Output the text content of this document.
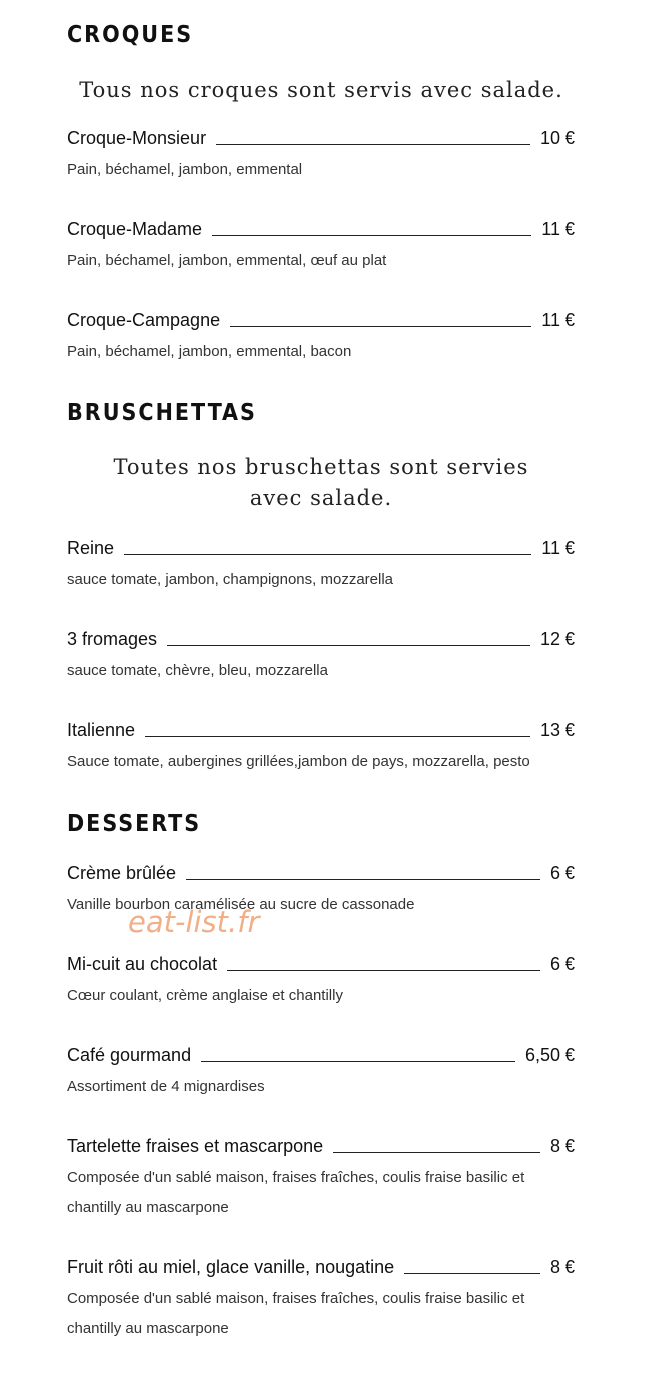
CROQUES

Tous nos croques sont servis avec salade.

Croque-Monsieur	10 €
Pain, béchamel, jambon, emmental
Croque-Madame	11 €
Pain, béchamel, jambon, emmental, œuf au plat
Croque-Campagne	11 €
Pain, béchamel, jambon, emmental, bacon
BRUSCHETTAS

Toutes nos bruschettas sont servies avec salade.

Reine	11 €
sauce tomate, jambon, champignons, mozzarella
3 fromages	12 €
sauce tomate, chèvre, bleu, mozzarella
Italienne	13 €
Sauce tomate, aubergines grillées,jambon de pays, mozzarella, pesto
DESSERTS
Crème brûlée	6 €
Vanille bourbon caramélisée au sucre de cassonade
Mi-cuit au chocolat	6 €
Cœur coulant, crème anglaise et chantilly
Café gourmand	6,50 €
Assortiment de 4 mignardises
Tartelette fraises et mascarpone	8 €
Composée d'un sablé maison, fraises fraîches, coulis fraise basilic et chantilly au mascarpone
Fruit rôti au miel, glace vanille, nougatine	8 €
Composée d'un sablé maison, fraises fraîches, coulis fraise basilic et chantilly au mascarpone
eat-list.fr
